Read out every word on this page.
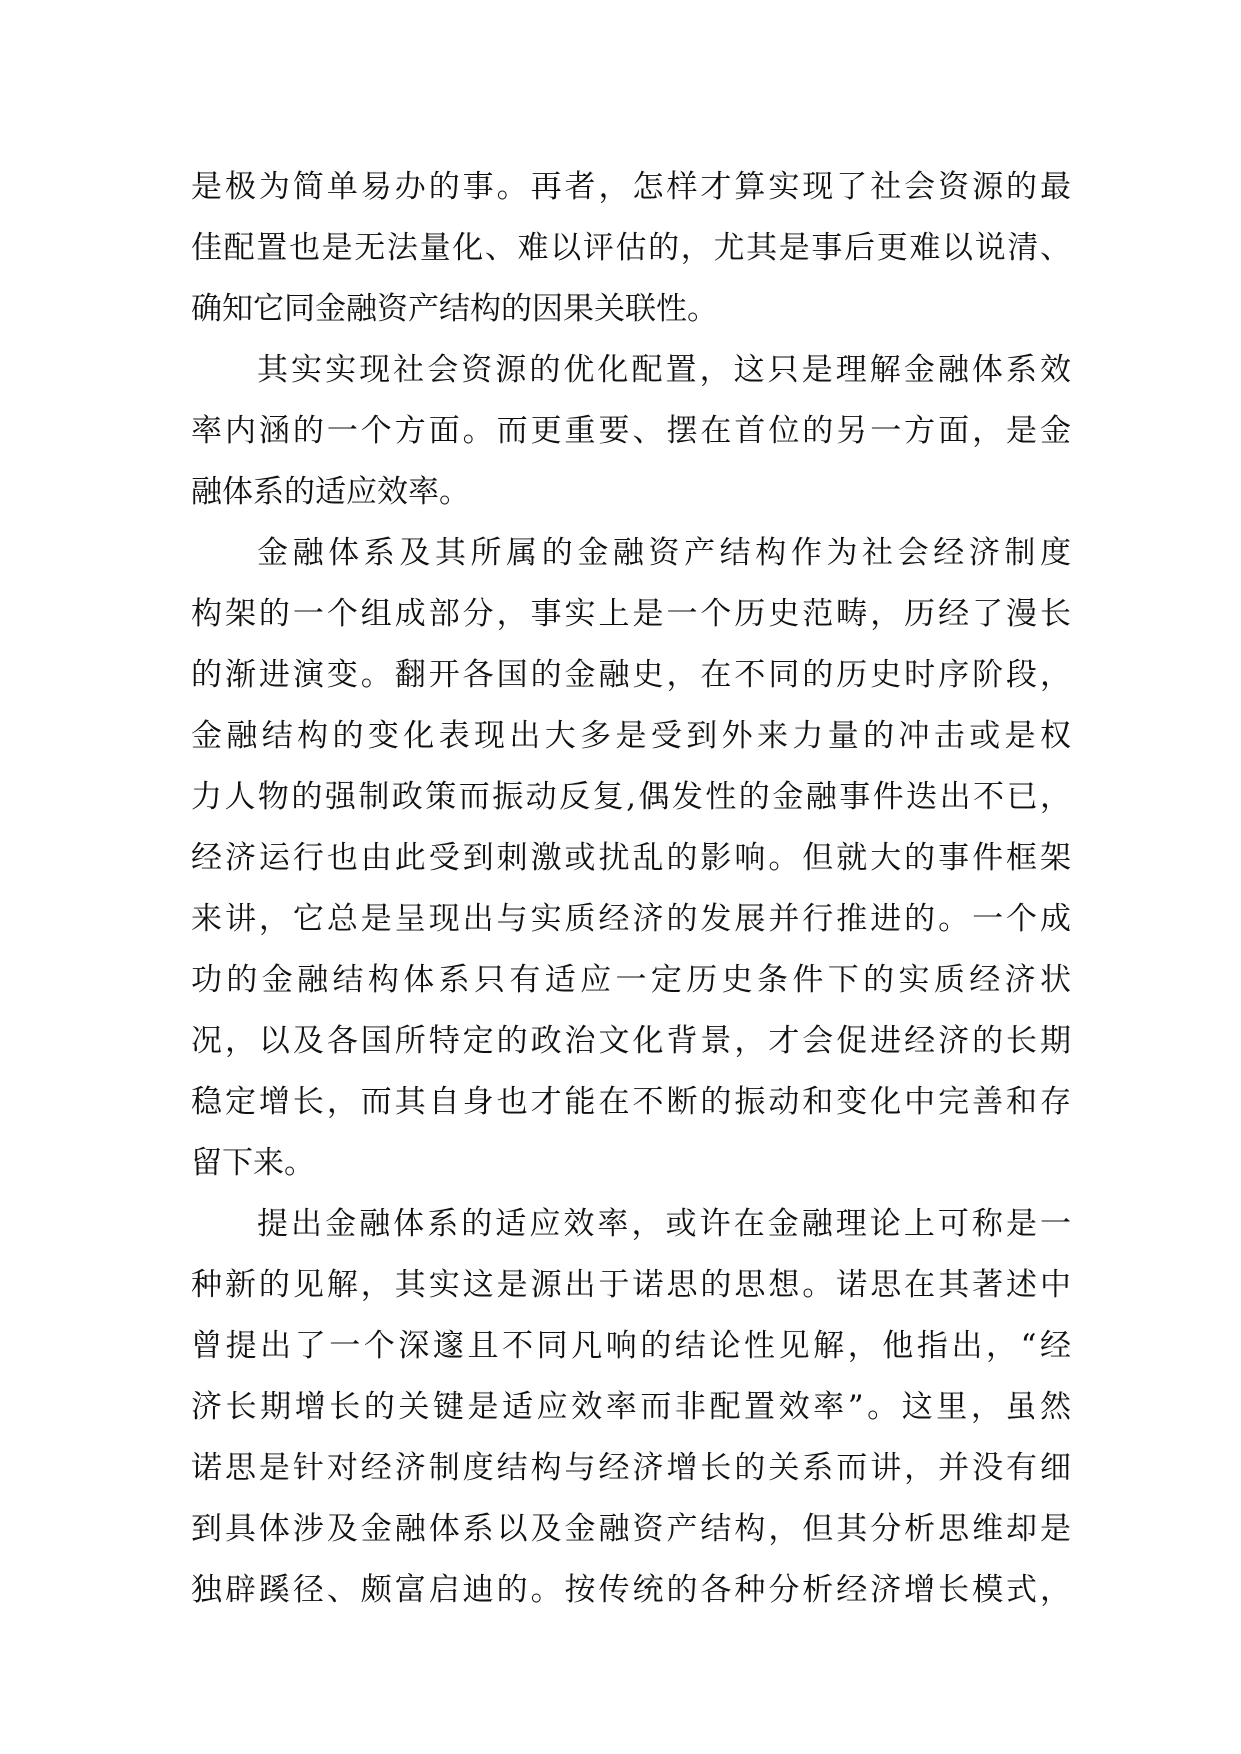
是极为简单易办的事。再者，怎样才算实现了社会资源的最
佳配置也是无法量化、难以评估的，尤其是事后更难以说清、
确知它同金融资产结构的因果关联性。
其实实现社会资源的优化配置，这只是理解金融体系效
率内涵的一个方面。而更重要、摆在首位的另一方面，是金
融体系的适应效率。
金融体系及其所属的金融资产结构作为社会经济制度
构架的一个组成部分，事实上是一个历史范畴，历经了漫长
的渐进演变。翻开各国的金融史，在不同的历史时序阶段，
金融结构的变化表现出大多是受到外来力量的冲击或是权
力人物的强制政策而振动反复,偶发性的金融事件迭出不已，
经济运行也由此受到刺激或扰乱的影响。但就大的事件框架
来讲，它总是呈现出与实质经济的发展并行推进的。一个成
功的金融结构体系只有适应一定历史条件下的实质经济状
况，以及各国所特定的政治文化背景，才会促进经济的长期
稳定增长，而其自身也才能在不断的振动和变化中完善和存
留下来。
提出金融体系的适应效率，或许在金融理论上可称是一
种新的见解，其实这是源出于诺思的思想。诺思在其著述中
曾提出了一个深邃且不同凡响的结论性见解，他指出，“经
济长期增长的关键是适应效率而非配置效率”。这里，虽然
诺思是针对经济制度结构与经济增长的关系而讲，并没有细
到具体涉及金融体系以及金融资产结构，但其分析思维却是
独辟蹊径、颇富启迪的。按传统的各种分析经济增长模式，
